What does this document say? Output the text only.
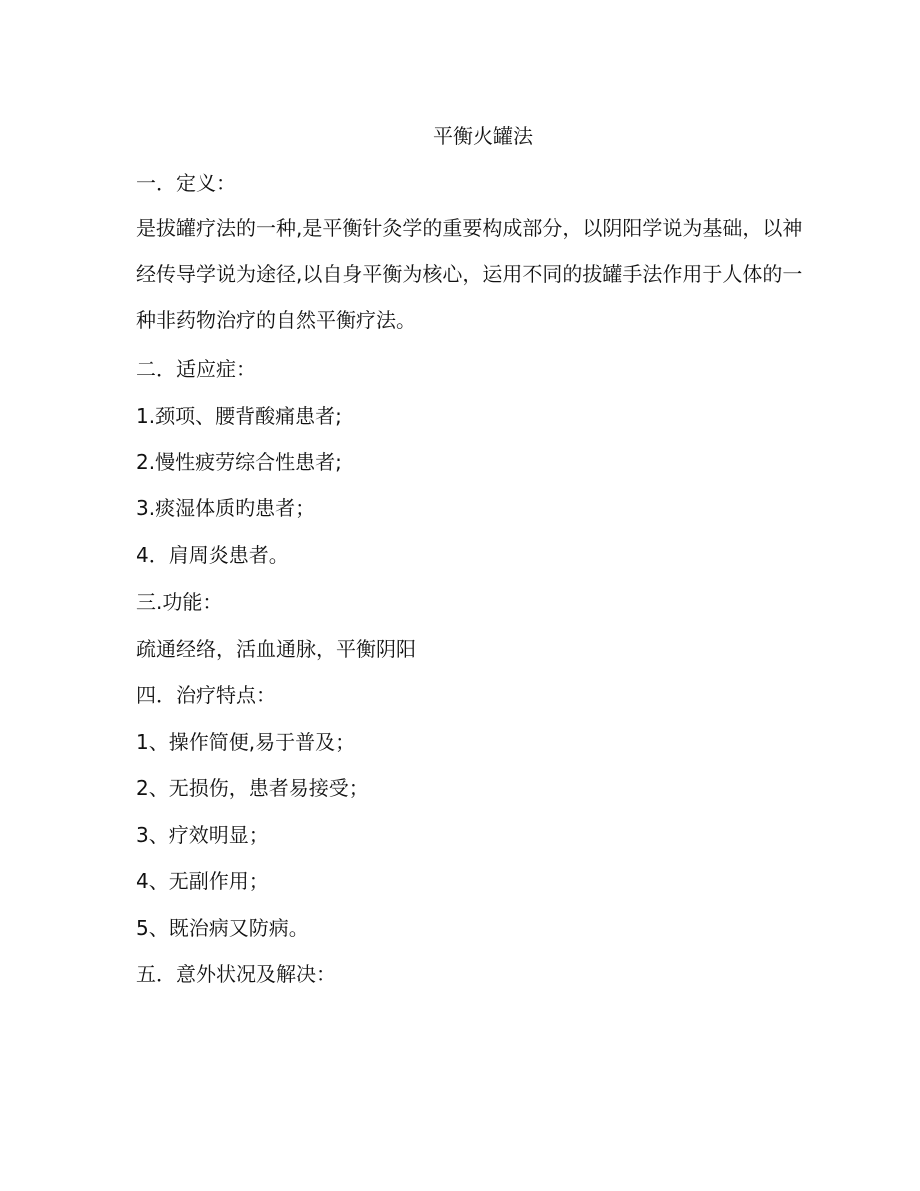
平衡火罐法
一．定义：
是拔罐疗法的一种,是平衡针灸学的重要构成部分，以阴阳学说为基础，以神
经传导学说为途径,以自身平衡为核心，运用不同的拔罐手法作用于人体的一
种非药物治疗的自然平衡疗法。
二．适应症：
1.颈项、腰背酸痛患者;
2.慢性疲劳综合性患者;
3.痰湿体质旳患者；
4．肩周炎患者。
三.功能：
疏通经络，活血通脉，平衡阴阳
四．治疗特点：
1、操作简便,易于普及；
2、无损伤，患者易接受；
3、疗效明显；
4、无副作用；
5、既治病又防病。
五．意外状况及解决：
